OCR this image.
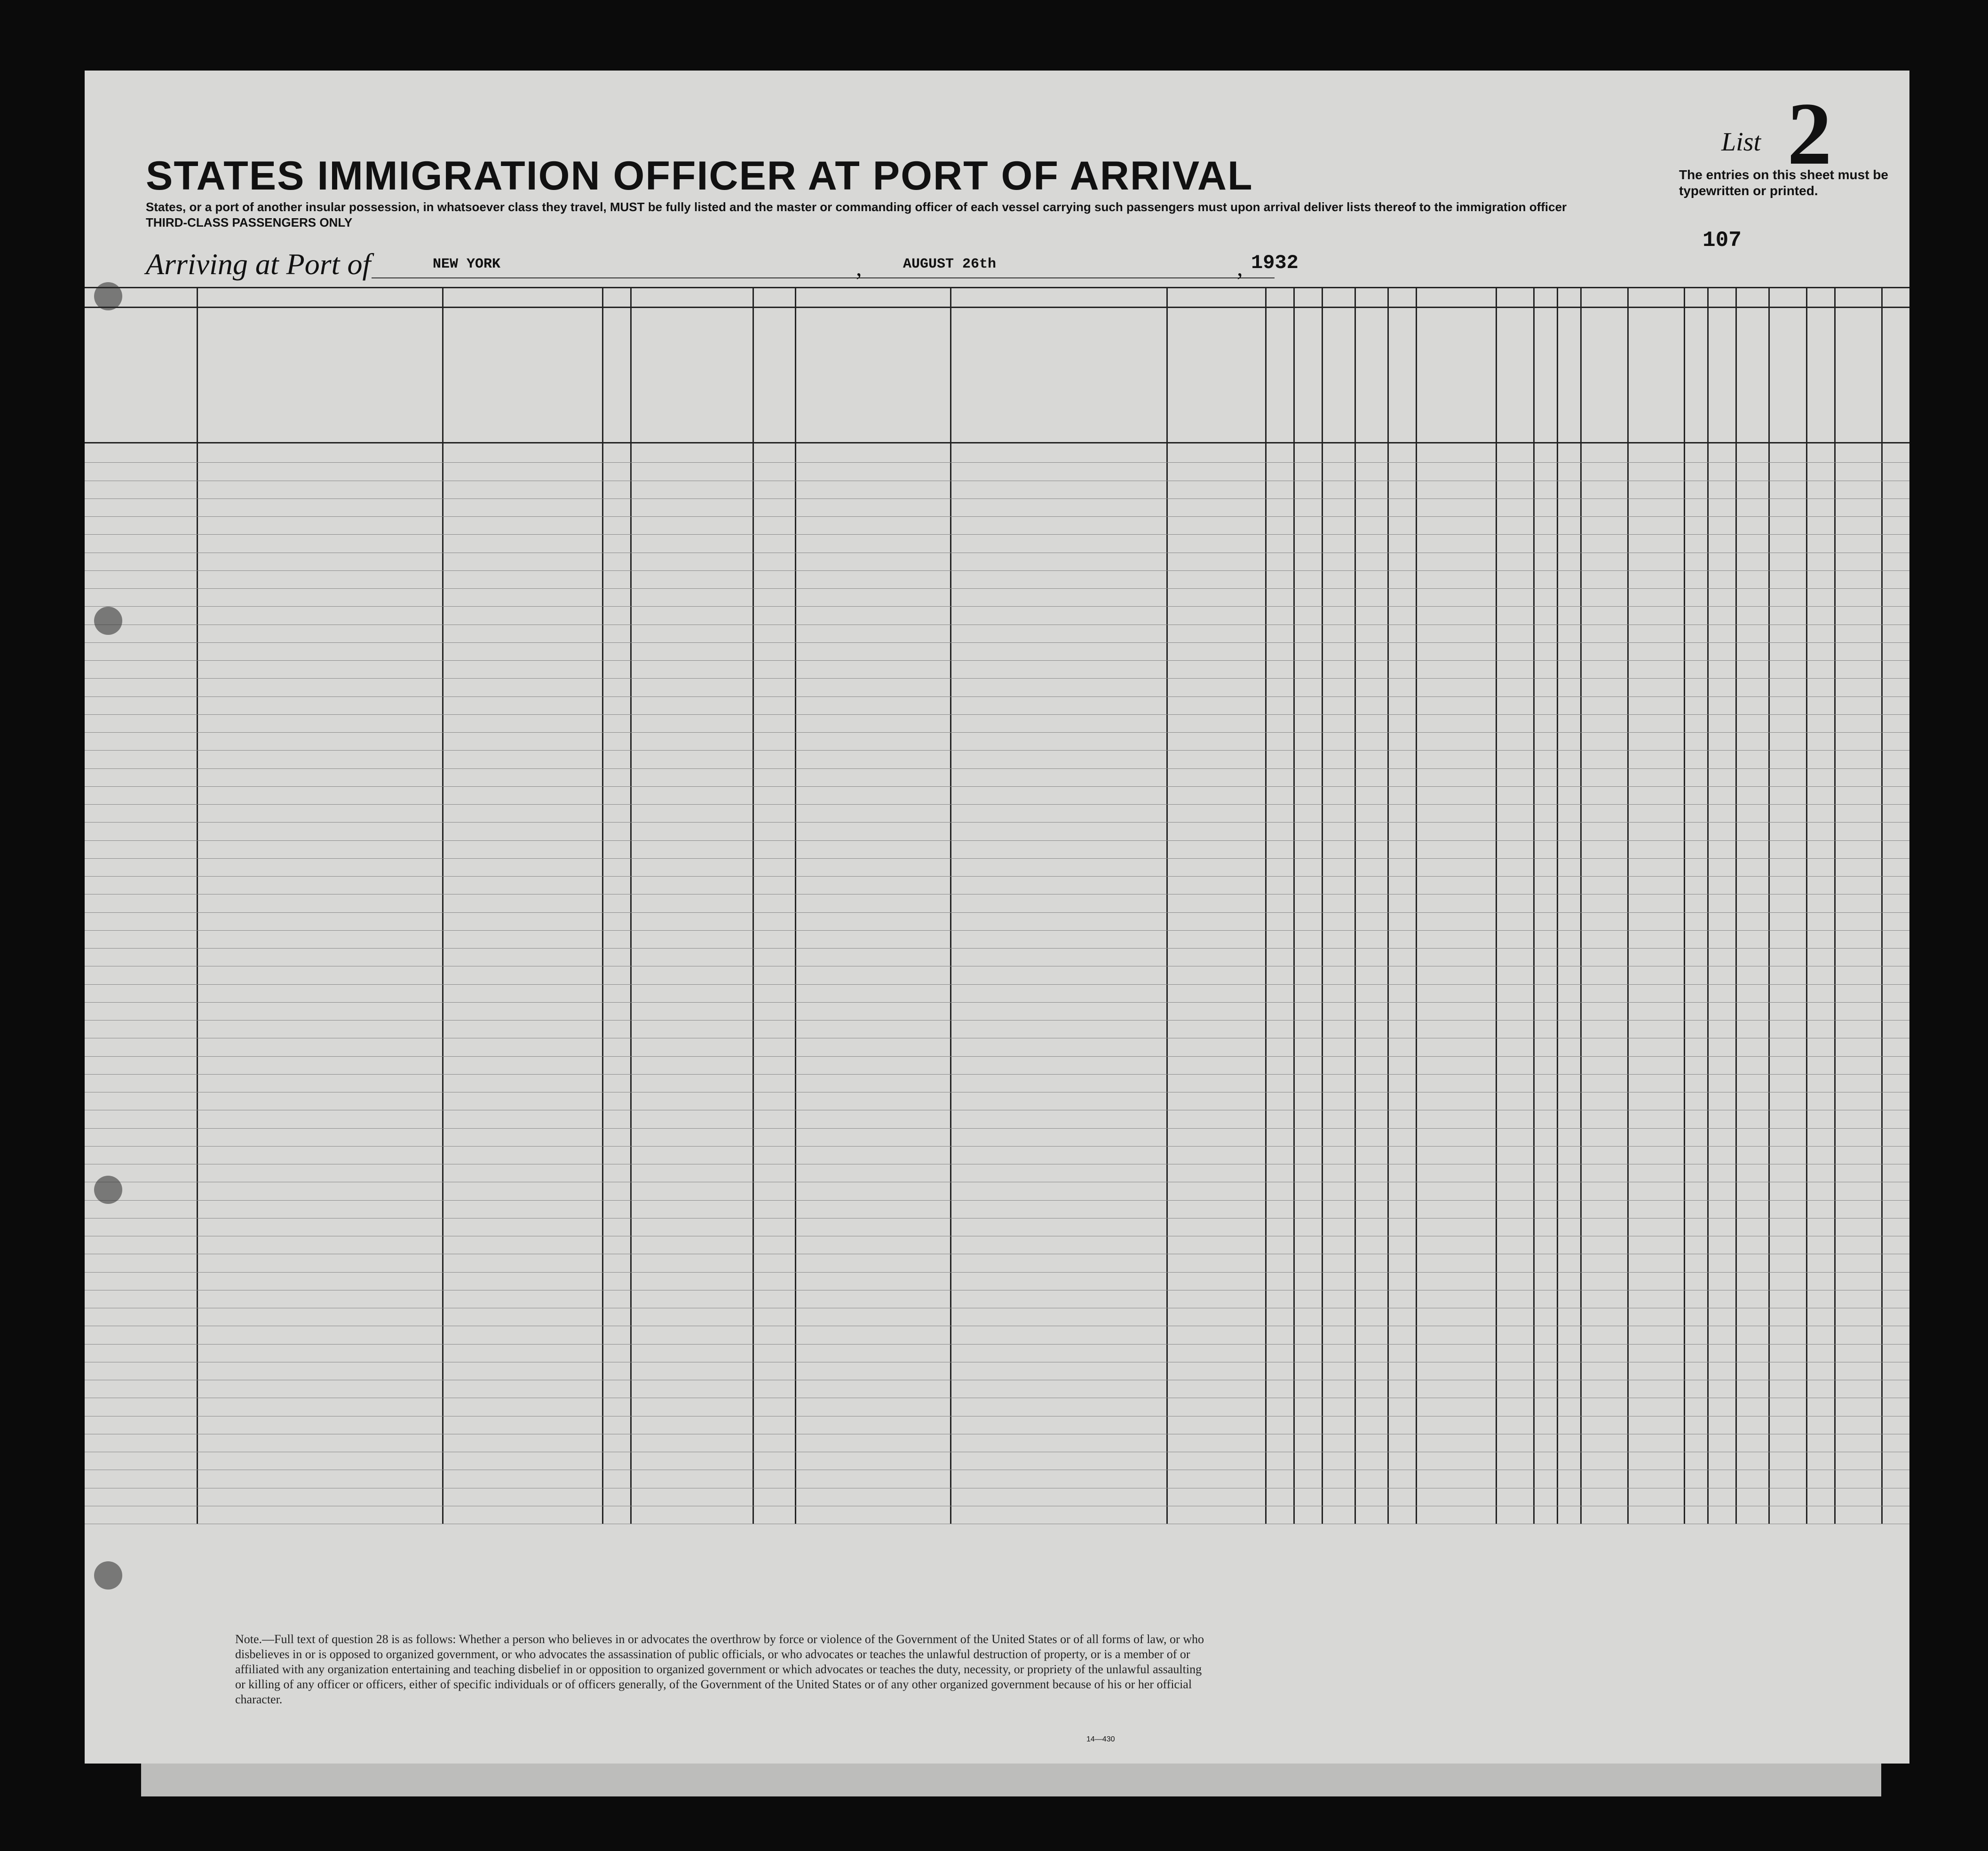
STATES IMMIGRATION OFFICER AT PORT OF ARRIVAL
States, or a port of another insular possession, in whatsoever class they travel, MUST be fully listed and the master or commanding officer of each vessel carrying such passengers must upon arrival deliver lists thereof to the immigration officer
THIRD-CLASS PASSENGERS ONLY
List 2
The entries on this sheet must be typewritten or printed.
107
Arriving at Port of	NEW YORK	,	AUGUST 26th	, 1932
Note.—Full text of question 28 is as follows: Whether a person who believes in or advocates the overthrow by force or violence of the Government of the United States or of all forms of law, or who disbelieves in or is opposed to organized government, or who advocates the assassination of public officials, or who advocates or teaches the unlawful destruction of property, or is a member of or affiliated with any organization entertaining and teaching disbelief in or opposition to organized government or which advocates or teaches the duty, necessity, or propriety of the unlawful assaulting or killing of any officer or officers, either of specific individuals or of officers generally, of the Government of the United States or of any other organized government because of his or her official character.
14—430
